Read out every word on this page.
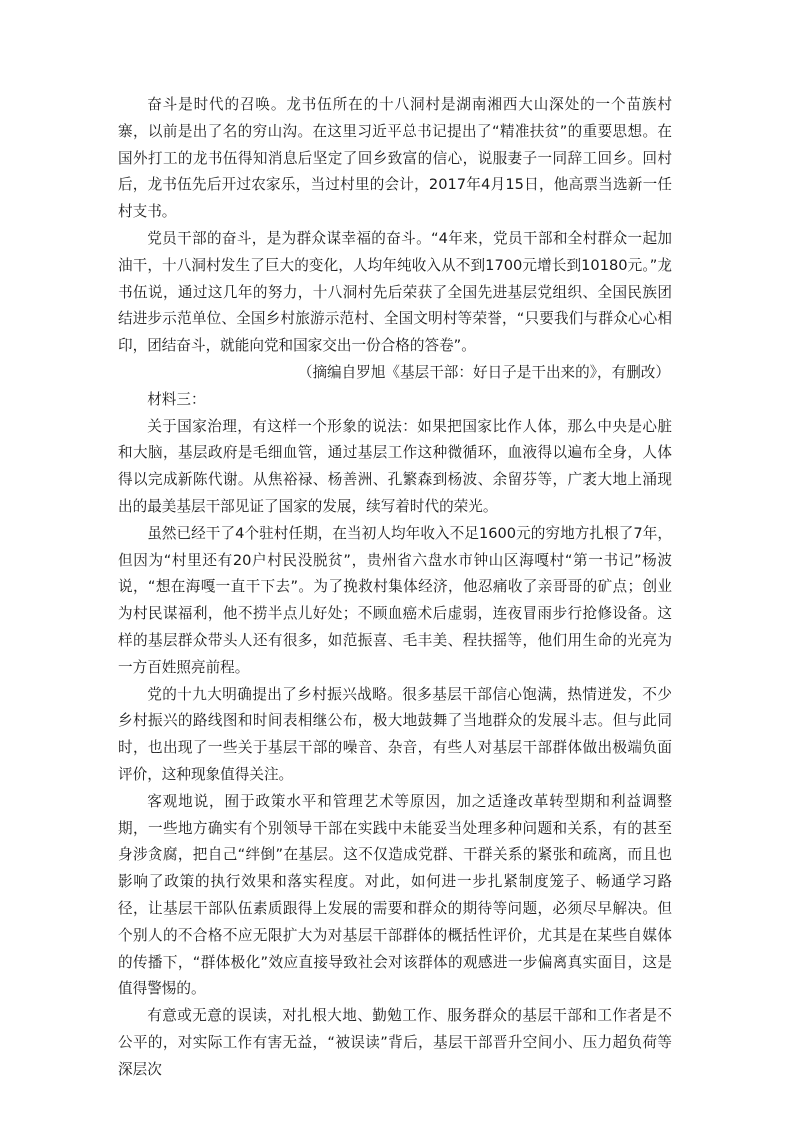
奋斗是时代的召唤。龙书伍所在的十八洞村是湖南湘西大山深处的一个苗族村寨，以前是出了名的穷山沟。在这里习近平总书记提出了“精准扶贫”的重要思想。在国外打工的龙书伍得知消息后坚定了回乡致富的信心，说服妻子一同辞工回乡。回村后，龙书伍先后开过农家乐，当过村里的会计，2017年4月15日，他高票当选新一任村支书。

党员干部的奋斗，是为群众谋幸福的奋斗。“4年来，党员干部和全村群众一起加油干，十八洞村发生了巨大的变化，人均年纯收入从不到1700元增长到10180元。”龙书伍说，通过这几年的努力，十八洞村先后荣获了全国先进基层党组织、全国民族团结进步示范单位、全国乡村旅游示范村、全国文明村等荣誉，“只要我们与群众心心相印，团结奋斗，就能向党和国家交出一份合格的答卷”。

（摘编自罗旭《基层干部：好日子是干出来的》，有删改）

材料三：

关于国家治理，有这样一个形象的说法：如果把国家比作人体，那么中央是心脏和大脑，基层政府是毛细血管，通过基层工作这种微循环，血液得以遍布全身，人体得以完成新陈代谢。从焦裕禄、杨善洲、孔繁森到杨波、余留芬等，广袤大地上涌现出的最美基层干部见证了国家的发展，续写着时代的荣光。

虽然已经干了4个驻村任期，在当初人均年收入不足1600元的穷地方扎根了7年，但因为“村里还有20户村民没脱贫”，贵州省六盘水市钟山区海嘎村“第一书记”杨波说，“想在海嘎一直干下去”。为了挽救村集体经济，他忍痛收了亲哥哥的矿点；创业为村民谋福利，他不捞半点儿好处；不顾血癌术后虚弱，连夜冒雨步行抢修设备。这样的基层群众带头人还有很多，如范振喜、毛丰美、程扶摇等，他们用生命的光亮为一方百姓照亮前程。

党的十九大明确提出了乡村振兴战略。很多基层干部信心饱满，热情迸发，不少乡村振兴的路线图和时间表相继公布，极大地鼓舞了当地群众的发展斗志。但与此同时，也出现了一些关于基层干部的噪音、杂音，有些人对基层干部群体做出极端负面评价，这种现象值得关注。

客观地说，囿于政策水平和管理艺术等原因，加之适逢改革转型期和利益调整期，一些地方确实有个别领导干部在实践中未能妥当处理多种问题和关系，有的甚至身涉贪腐，把自己“绊倒”在基层。这不仅造成党群、干群关系的紧张和疏离，而且也影响了政策的执行效果和落实程度。对此，如何进一步扎紧制度笼子、畅通学习路径，让基层干部队伍素质跟得上发展的需要和群众的期待等问题，必须尽早解决。但个别人的不合格不应无限扩大为对基层干部群体的概括性评价，尤其是在某些自媒体的传播下，“群体极化”效应直接导致社会对该群体的观感进一步偏离真实面目，这是值得警惕的。

有意或无意的误读，对扎根大地、勤勉工作、服务群众的基层干部和工作者是不公平的，对实际工作有害无益，“被误读”背后，基层干部晋升空间小、压力超负荷等深层次
